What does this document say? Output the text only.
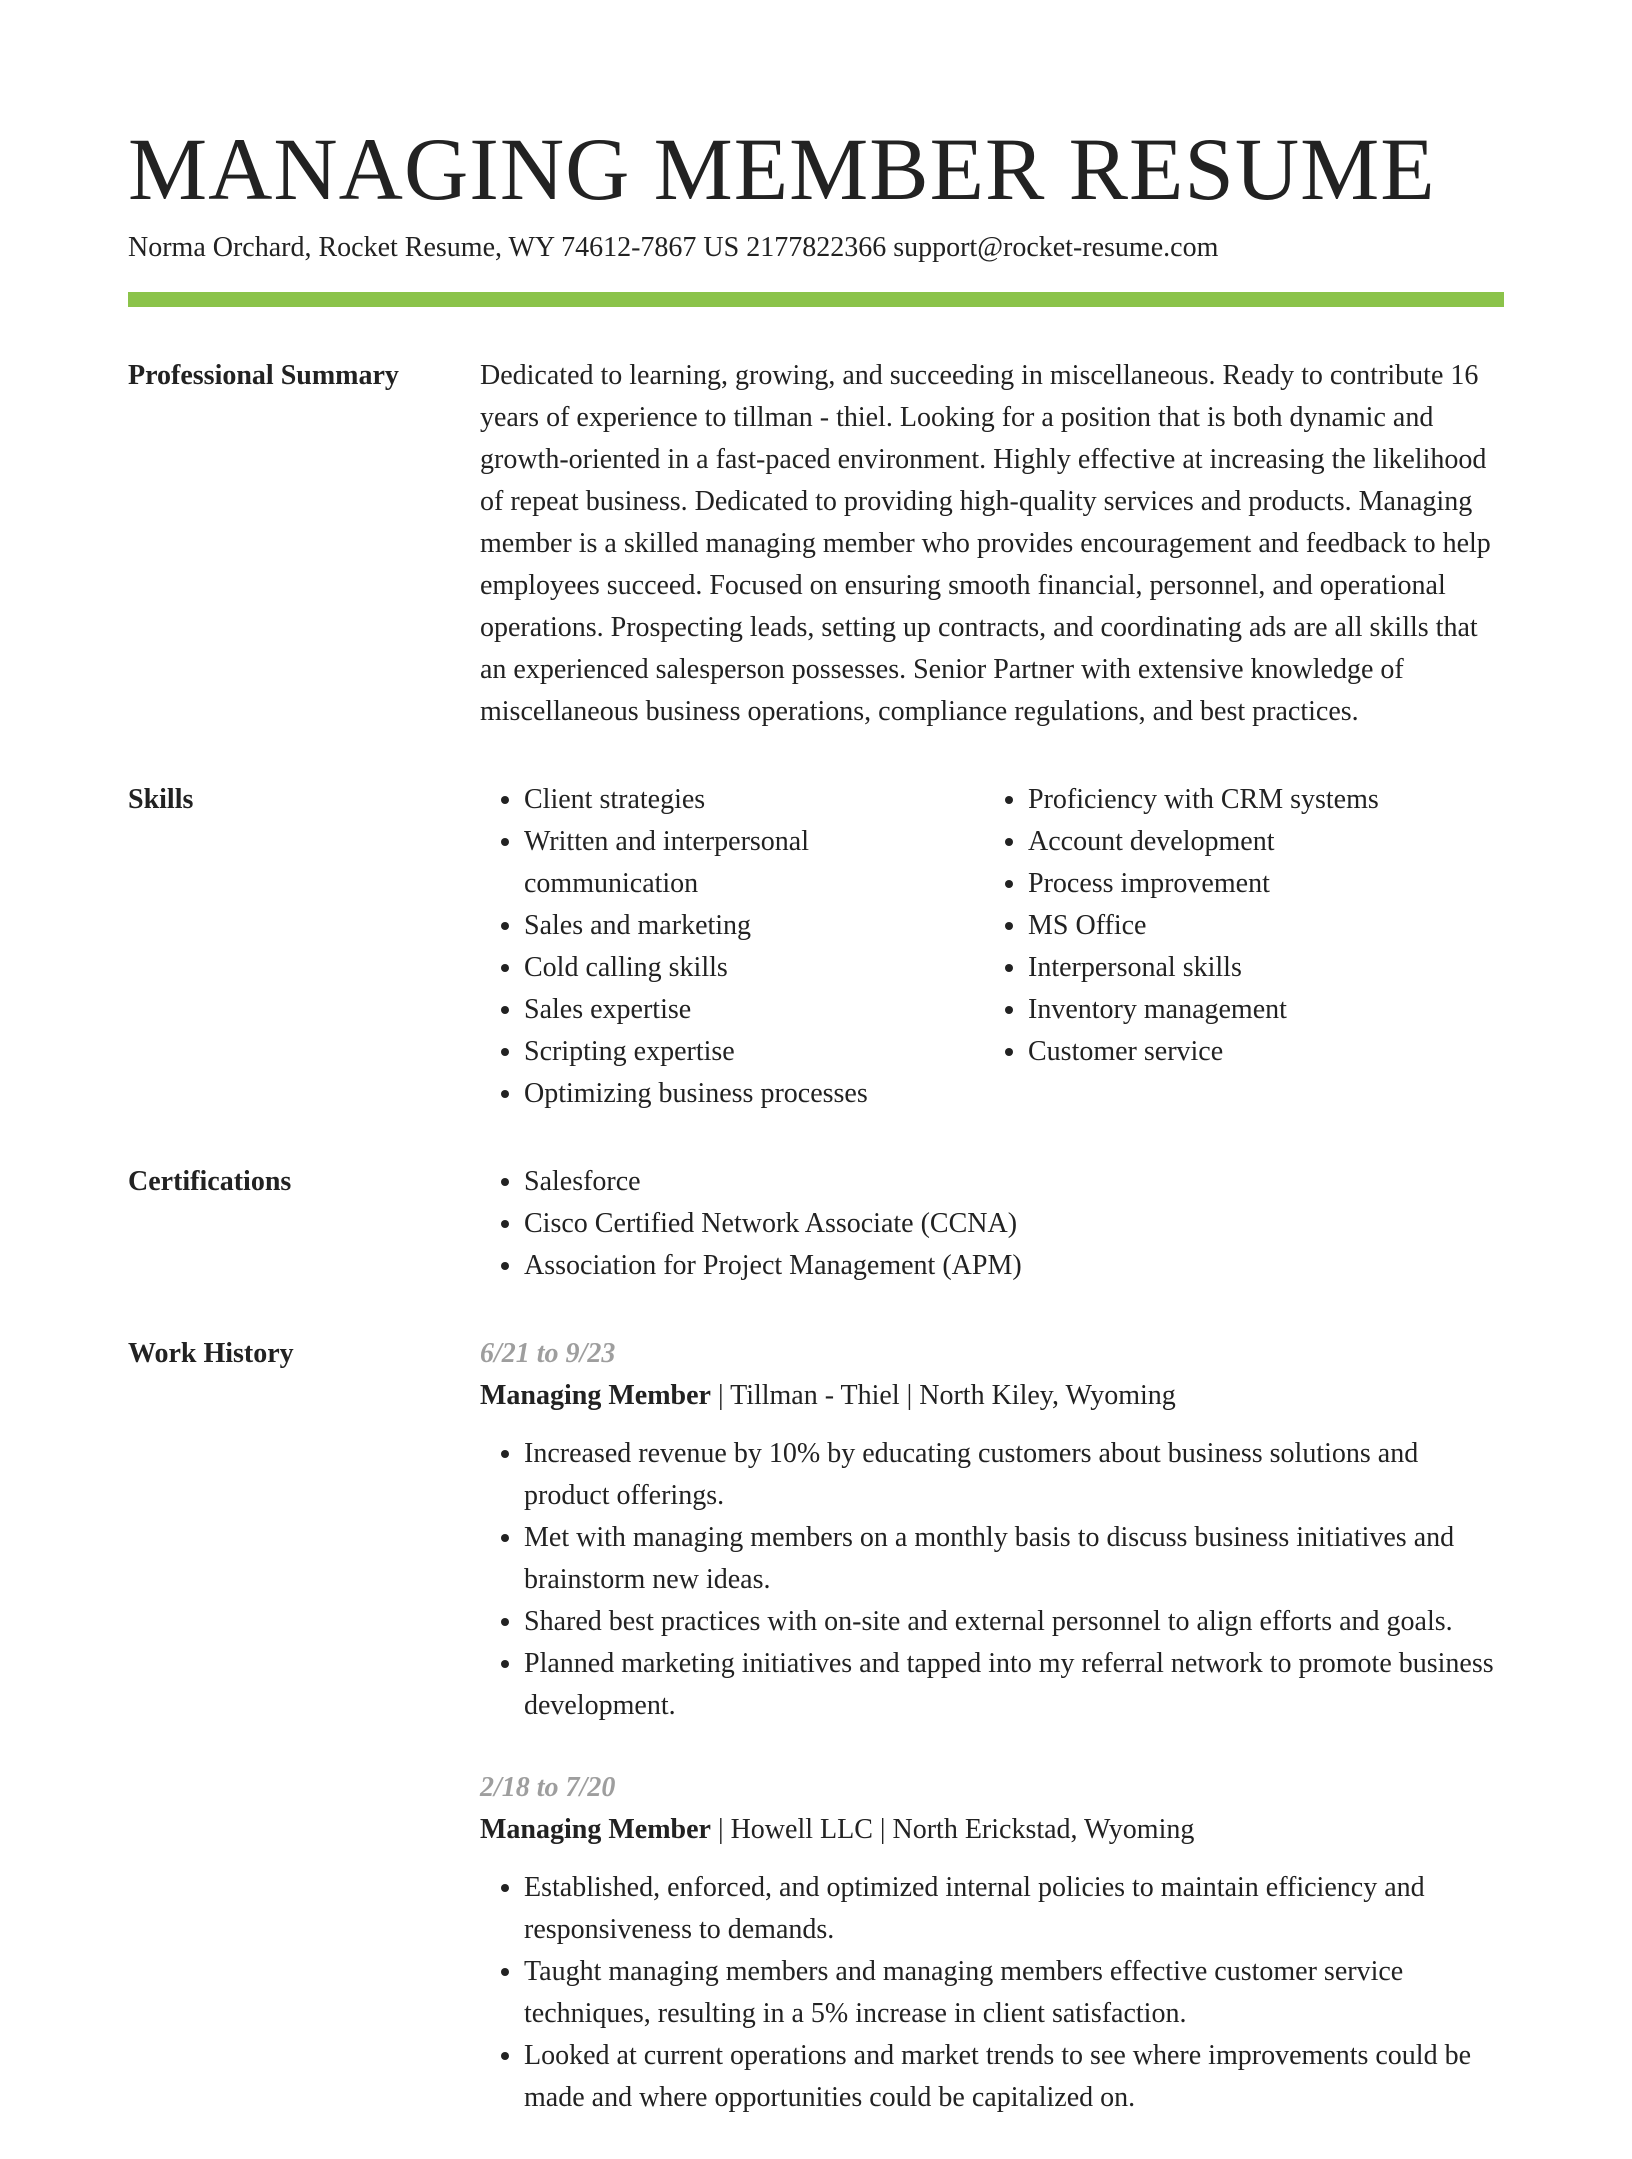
MANAGING MEMBER RESUME
Norma Orchard, Rocket Resume, WY 74612-7867 US 2177822366 support@rocket-resume.com
Professional Summary	Dedicated to learning, growing, and succeeding in miscellaneous. Ready to contribute 16 years of experience to tillman - thiel. Looking for a position that is both dynamic and growth-oriented in a fast-paced environment. Highly effective at increasing the likelihood of repeat business. Dedicated to providing high-quality services and products. Managing member is a skilled managing member who provides encouragement and feedback to help employees succeed. Focused on ensuring smooth financial, personnel, and operational operations. Prospecting leads, setting up contracts, and coordinating ads are all skills that an experienced salesperson possesses. Senior Partner with extensive knowledge of miscellaneous business operations, compliance regulations, and best practices.

Skills	• Client strategies
• Written and interpersonal communication
• Sales and marketing
• Cold calling skills
• Sales expertise
• Scripting expertise
• Optimizing business processes
• Proficiency with CRM systems
• Account development
• Process improvement
• MS Office
• Interpersonal skills
• Inventory management
• Customer service
Certifications	• Salesforce
• Cisco Certified Network Associate (CCNA)
• Association for Project Management (APM)
Work History	6/21 to 9/23
Managing Member | Tillman - Thiel | North Kiley, Wyoming
• Increased revenue by 10% by educating customers about business solutions and product offerings.
• Met with managing members on a monthly basis to discuss business initiatives and brainstorm new ideas.
• Shared best practices with on-site and external personnel to align efforts and goals.
• Planned marketing initiatives and tapped into my referral network to promote business development.
2/18 to 7/20
Managing Member | Howell LLC | North Erickstad, Wyoming
• Established, enforced, and optimized internal policies to maintain efficiency and responsiveness to demands.
• Taught managing members and managing members effective customer service techniques, resulting in a 5% increase in client satisfaction.
• Looked at current operations and market trends to see where improvements could be made and where opportunities could be capitalized on.
